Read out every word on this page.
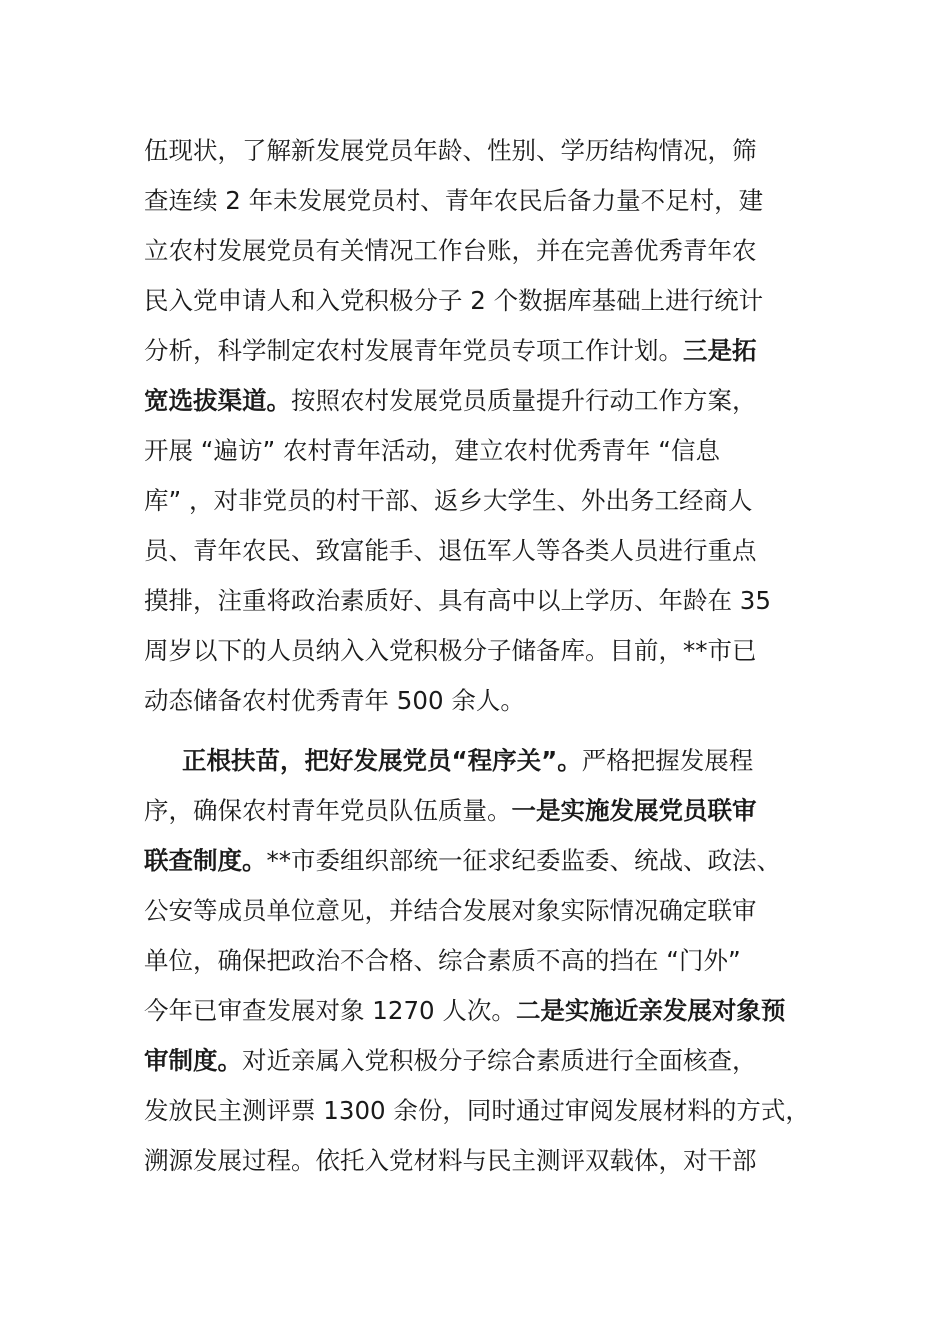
伍现状，了解新发展党员年龄、性别、学历结构情况，筛
查连续 2 年未发展党员村、青年农民后备力量不足村，建
立农村发展党员有关情况工作台账，并在完善优秀青年农
民入党申请人和入党积极分子 2 个数据库基础上进行统计
分析，科学制定农村发展青年党员专项工作计划。三是拓
宽选拔渠道。按照农村发展党员质量提升行动工作方案，
开展 “遍访” 农村青年活动，建立农村优秀青年 “信息
库” ，对非党员的村干部、返乡大学生、外出务工经商人
员、青年农民、致富能手、退伍军人等各类人员进行重点
摸排，注重将政治素质好、具有高中以上学历、年龄在 35
周岁以下的人员纳入入党积极分子储备库。目前，**市已
动态储备农村优秀青年 500 余人。
正根扶苗，把好发展党员“程序关”。严格把握发展程
序，确保农村青年党员队伍质量。一是实施发展党员联审
联查制度。**市委组织部统一征求纪委监委、统战、政法、
公安等成员单位意见，并结合发展对象实际情况确定联审
单位，确保把政治不合格、综合素质不高的挡在 “门外”
今年已审查发展对象 1270 人次。二是实施近亲发展对象预
审制度。对近亲属入党积极分子综合素质进行全面核查，
发放民主测评票 1300 余份，同时通过审阅发展材料的方式，
溯源发展过程。依托入党材料与民主测评双载体，对干部
